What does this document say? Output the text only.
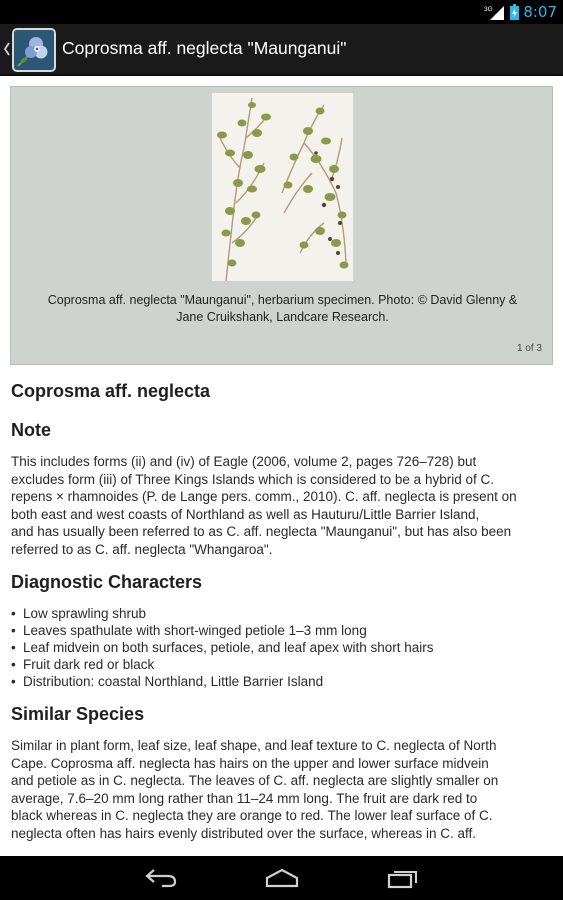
3G 8:07
Coprosma aff. neglecta "Maunganui"
Coprosma aff. neglecta "Maunganui", herbarium specimen. Photo: © David Glenny &
Jane Cruikshank, Landcare Research.
1 of 3
Coprosma aff. neglecta
Note
This includes forms (ii) and (iv) of Eagle (2006, volume 2, pages 726–728) but
excludes form (iii) of Three Kings Islands which is considered to be a hybrid of C.
repens × rhamnoides (P. de Lange pers. comm., 2010). C. aff. neglecta is present on
both east and west coasts of Northland as well as Hauturu/Little Barrier Island,
and has usually been referred to as C. aff. neglecta "Maunganui", but has also been
referred to as C. aff. neglecta "Whangaroa".
Diagnostic Characters
• Low sprawling shrub
• Leaves spathulate with short-winged petiole 1–3 mm long
• Leaf midvein on both surfaces, petiole, and leaf apex with short hairs
• Fruit dark red or black
• Distribution: coastal Northland, Little Barrier Island
Similar Species
Similar in plant form, leaf size, leaf shape, and leaf texture to C. neglecta of North
Cape. Coprosma aff. neglecta has hairs on the upper and lower surface midvein
and petiole as in C. neglecta. The leaves of C. aff. neglecta are slightly smaller on
average, 7.6–20 mm long rather than 11–24 mm long. The fruit are dark red to
black whereas in C. neglecta they are orange to red. The lower leaf surface of C.
neglecta often has hairs evenly distributed over the surface, whereas in C. aff.
